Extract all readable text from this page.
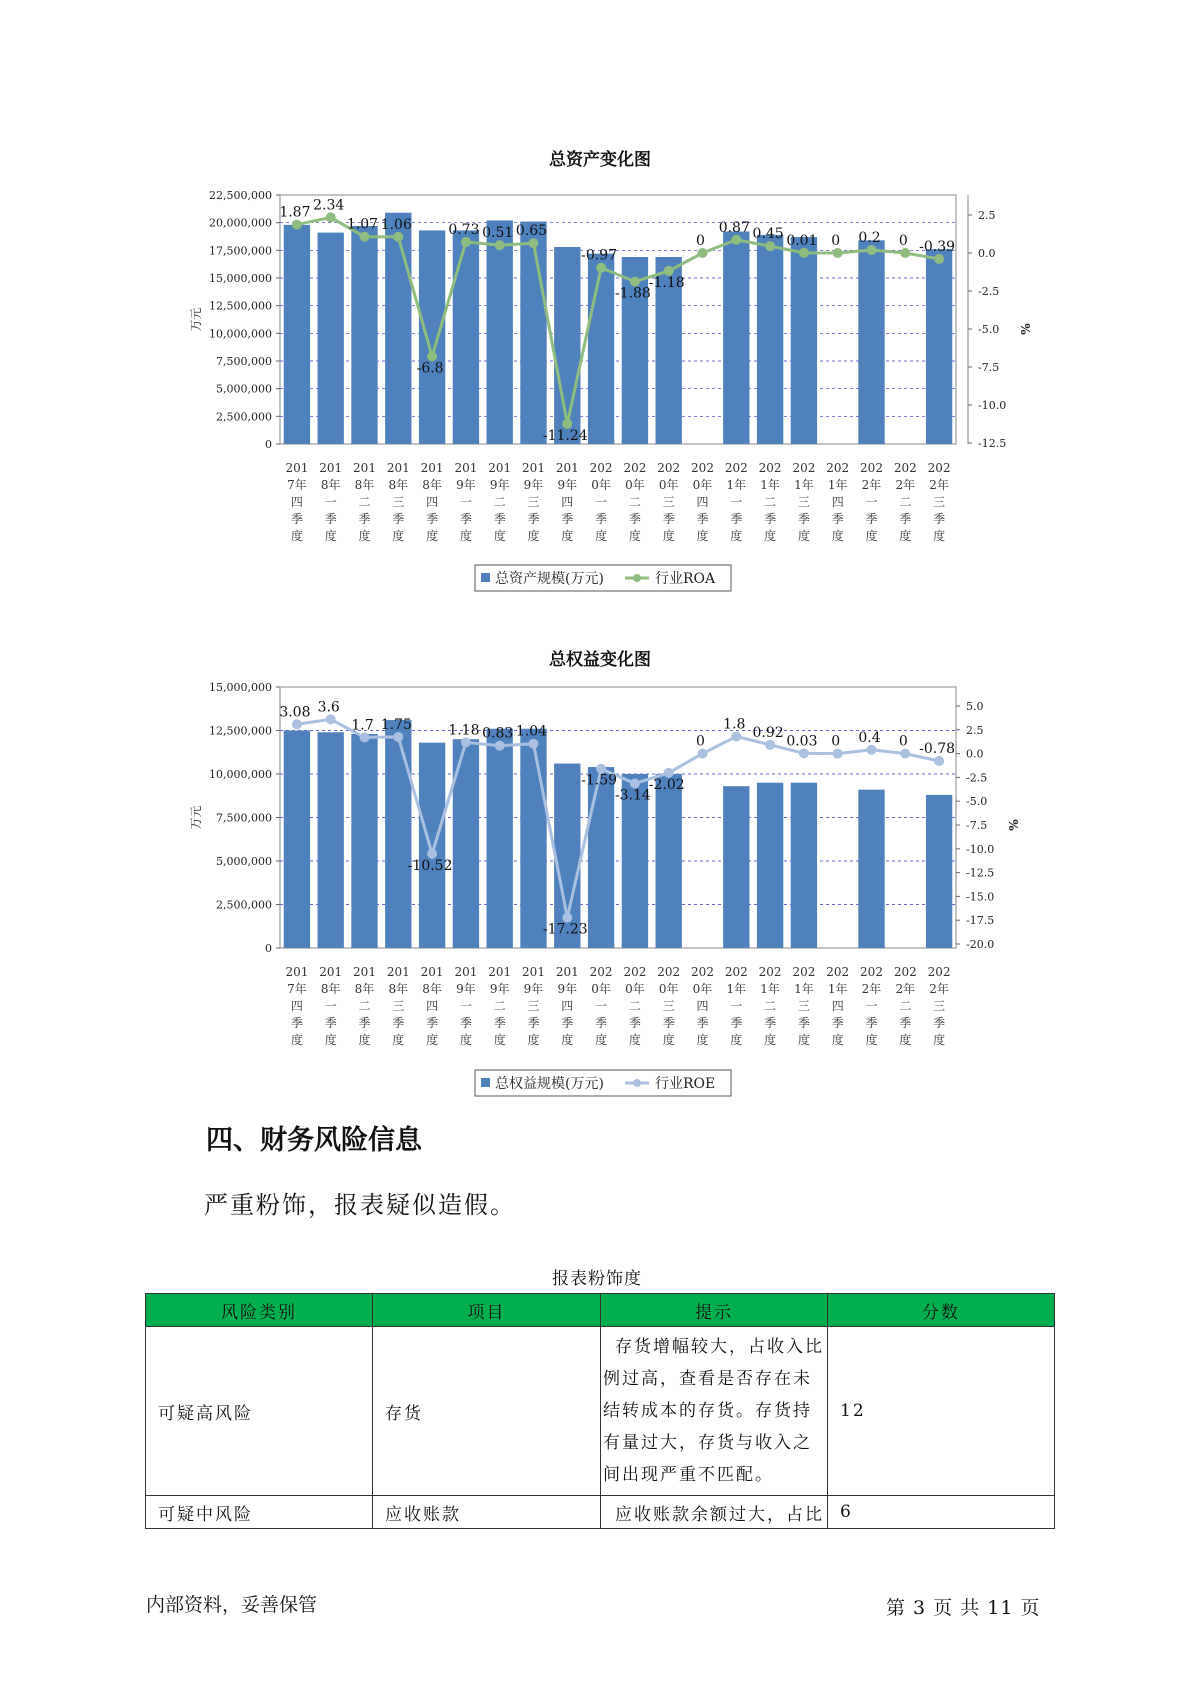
总资产变化图
22,500,000
20,000,000
17,500,000
15,000,000
12,500,000
10,000,000
7,500,000
5,000,000
2,500,000
0
万元
2.5
0.0
-2.5
-5.0
-7.5
-10.0
-12.5
%
1.87 2.34
1.07 1.06
-6.8
0.73 0.51 0.65
-11.24
-0.97
-1.88
-1.18
0
0.87 0.45 0.01 0 0.2 0 -0.39
201
7年
四
季
度
201
8年
一
季
度
201
8年
二
季
度
201
8年
三
季
度
201
8年
四
季
度
201
9年
一
季
度
201
9年
二
季
度
201
9年
三
季
度
201
9年
四
季
度
202
0年
一
季
度
202
0年
二
季
度
202
0年
三
季
度
202
0年
四
季
度
202
1年
一
季
度
202
1年
二
季
度
202
1年
三
季
度
202
1年
四
季
度
202
2年
一
季
度
202
2年
二
季
度
202
2年
三
季
度
总资产规模(万元)	行业ROA
总权益变化图
15,000,000
12,500,000
10,000,000
7,500,000
5,000,000
2,500,000
0
万元
5.0
2.5
0.0
-2.5
-5.0
-7.5
-10.0
-12.5
-15.0
-17.5
-20.0
%
3.08 3.6
1.7 1.75
-10.52
1.18 0.83 1.04
-17.23
-1.59
-3.14
-2.02
0
1.8
0.92
0.03 0 0.4 0 -0.78
201
7年
四
季
度
201
8年
一
季
度
201
8年
二
季
度
201
8年
三
季
度
201
8年
四
季
度
201
9年
一
季
度
201
9年
二
季
度
201
9年
三
季
度
201
9年
四
季
度
202
0年
一
季
度
202
0年
二
季
度
202
0年
三
季
度
202
0年
四
季
度
202
1年
一
季
度
202
1年
二
季
度
202
1年
三
季
度
202
1年
四
季
度
202
2年
一
季
度
202
2年
二
季
度
202
2年
三
季
度
总权益规模(万元)	行业ROE
四、财务风险信息
严重粉饰，报表疑似造假。
报表粉饰度
风险类别	项目	提示	分数
可疑高风险	存货	存货增幅较大，占收入比
例过高，查看是否存在未
结转成本的存货。存货持
有量过大，存货与收入之
间出现严重不匹配。	12
可疑中风险	应收账款	应收账款余额过大，占比	6
内部资料，妥善保管	第 3 页 共 11 页
